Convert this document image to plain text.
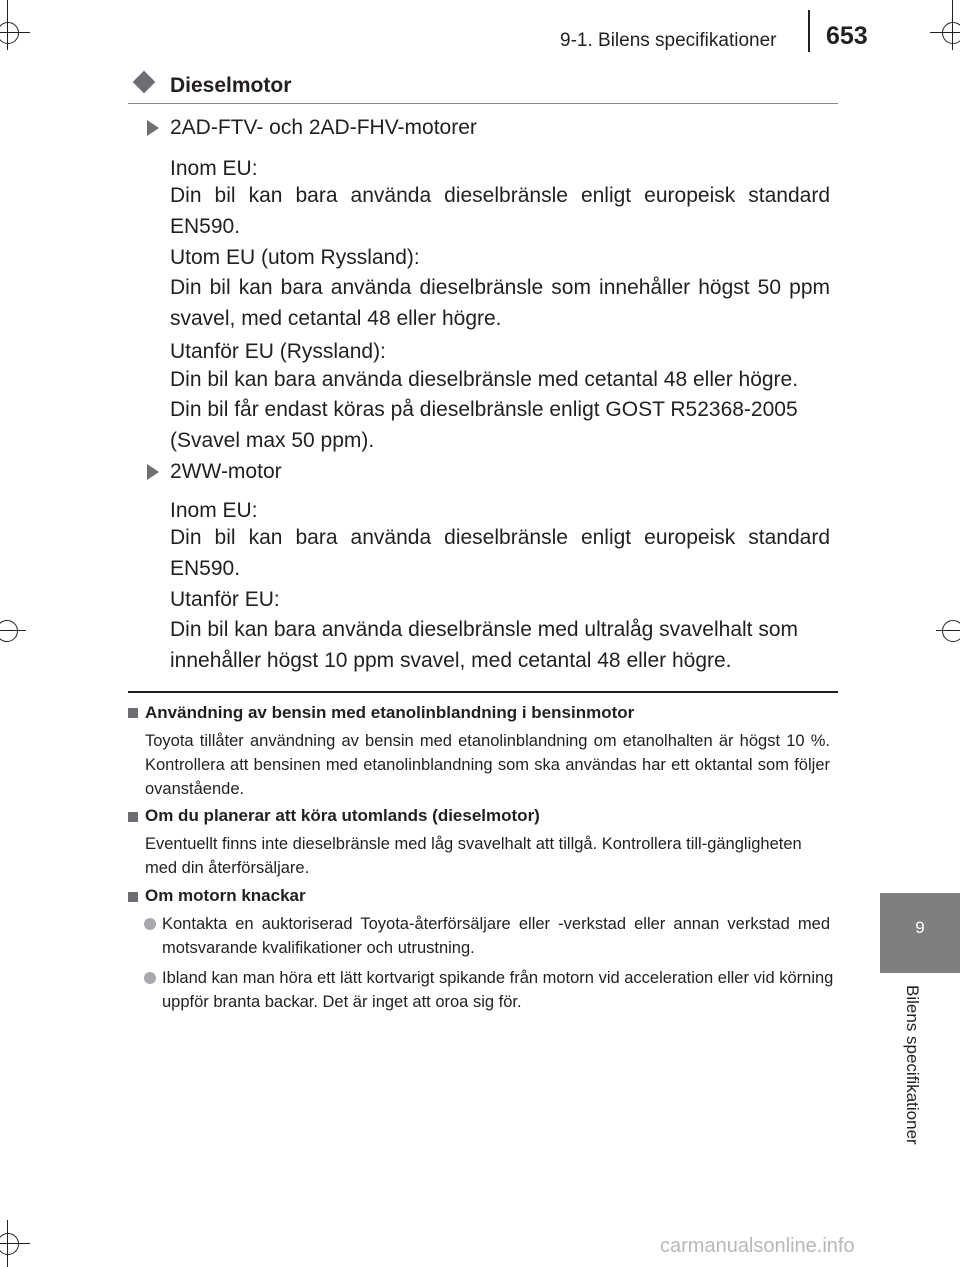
9-1. Bilens specifikationer 653
9
Bilens specifikationer
Dieselmotor
2AD-FTV- och 2AD-FHV-motorer
Inom EU:
Din bil kan bara använda dieselbränsle enligt europeisk standard EN590.
Utom EU (utom Ryssland):
Din bil kan bara använda dieselbränsle som innehåller högst 50 ppm svavel, med cetantal 48 eller högre.
Utanför EU (Ryssland):
Din bil kan bara använda dieselbränsle med cetantal 48 eller högre.
Din bil får endast köras på dieselbränsle enligt GOST R52368-2005 (Svavel max 50 ppm).
2WW-motor
Inom EU:
Din bil kan bara använda dieselbränsle enligt europeisk standard EN590.
Utanför EU:
Din bil kan bara använda dieselbränsle med ultralåg svavelhalt som innehåller högst 10 ppm svavel, med cetantal 48 eller högre.
Användning av bensin med etanolinblandning i bensinmotor
Toyota tillåter användning av bensin med etanolinblandning om etanolhalten är högst 10 %. Kontrollera att bensinen med etanolinblandning som ska användas har ett oktantal som följer ovanstående.
Om du planerar att köra utomlands (dieselmotor)
Eventuellt finns inte dieselbränsle med låg svavelhalt att tillgå. Kontrollera till-gängligheten med din återförsäljare.
Om motorn knackar
Kontakta en auktoriserad Toyota-återförsäljare eller -verkstad eller annan verkstad med motsvarande kvalifikationer och utrustning.
Ibland kan man höra ett lätt kortvarigt spikande från motorn vid acceleration eller vid körning uppför branta backar. Det är inget att oroa sig för.
carmanualsonline.info
